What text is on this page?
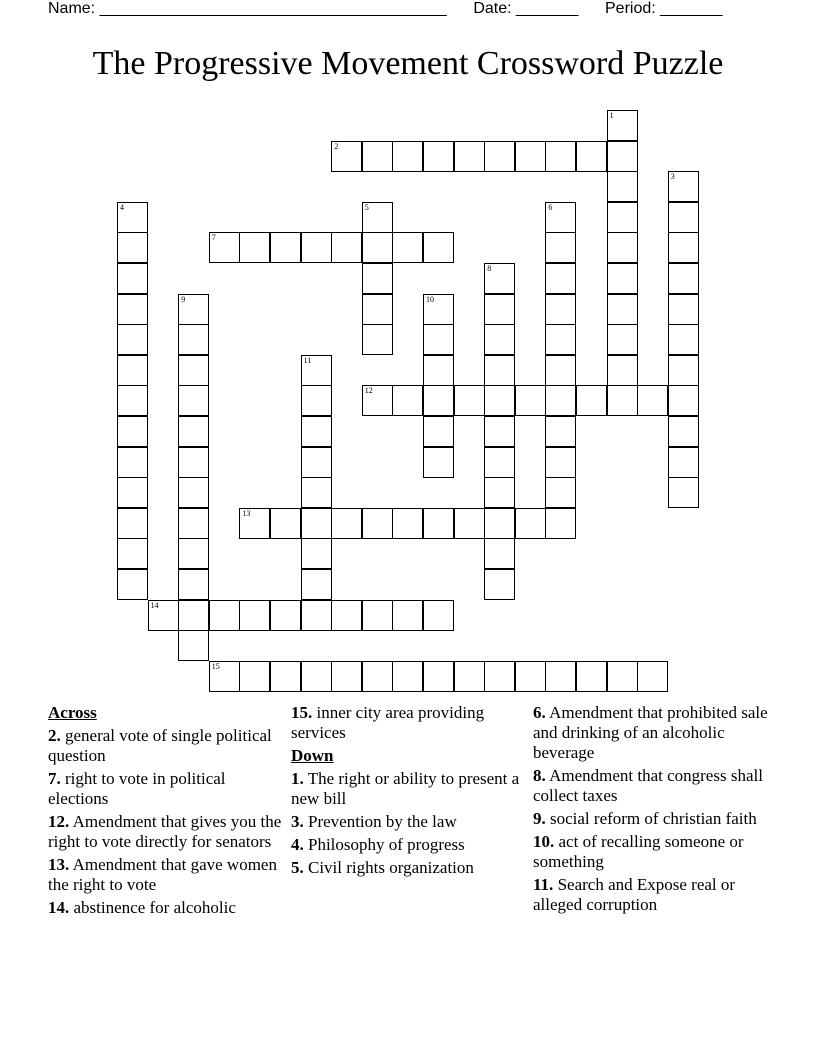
Name: _______________________________________ Date: _______ Period: _______
The Progressive Movement Crossword Puzzle
1
2
3
4	5	6
7
8
9	10
11
12
13
14
15
Across
2. general vote of single political question
7. right to vote in political elections
12. Amendment that gives you the right to vote directly for senators
13. Amendment that gave women the right to vote
14. abstinence for alcoholic
15. inner city area providing services
Down
1. The right or ability to present a new bill
3. Prevention by the law
4. Philosophy of progress
5. Civil rights organization
6. Amendment that prohibited sale and drinking of an alcoholic beverage
8. Amendment that congress shall collect taxes
9. social reform of christian faith
10. act of recalling someone or something
11. Search and Expose real or alleged corruption
